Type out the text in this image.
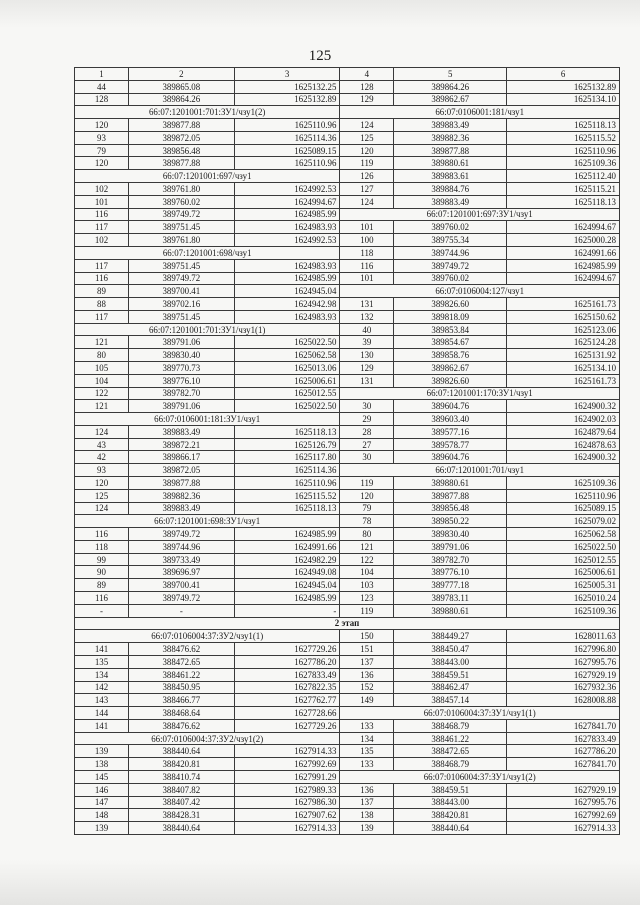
125
1	2	3	4	5	6
44	389865.08	1625132.25	128	389864.26	1625132.89
128	389864.26	1625132.89	129	389862.67	1625134.10
66:07:1201001:701:ЗУ1/чзу1(2)			66:07:0106001:181/чзу1		
120	389877.88	1625110.96	124	389883.49	1625118.13
93	389872.05	1625114.36	125	389882.36	1625115.52
79	389856.48	1625089.15	120	389877.88	1625110.96
120	389877.88	1625110.96	119	389880.61	1625109.36
66:07:1201001:697/чзу1			126	389883.61	1625112.40
102	389761.80	1624992.53	127	389884.76	1625115.21
101	389760.02	1624994.67	124	389883.49	1625118.13
116	389749.72	1624985.99	66:07:1201001:697:ЗУ1/чзу1		
117	389751.45	1624983.93	101	389760.02	1624994.67
102	389761.80	1624992.53	100	389755.34	1625000.28
66:07:1201001:698/чзу1			118	389744.96	1624991.66
117	389751.45	1624983.93	116	389749.72	1624985.99
116	389749.72	1624985.99	101	389760.02	1624994.67
89	389700.41	1624945.04	66:07:0106004:127/чзу1		
88	389702.16	1624942.98	131	389826.60	1625161.73
117	389751.45	1624983.93	132	389818.09	1625150.62
66:07:1201001:701:ЗУ1/чзу1(1)			40	389853.84	1625123.06
121	389791.06	1625022.50	39	389854.67	1625124.28
80	389830.40	1625062.58	130	389858.76	1625131.92
105	389770.73	1625013.06	129	389862.67	1625134.10
104	389776.10	1625006.61	131	389826.60	1625161.73
122	389782.70	1625012.55	66:07:1201001:170:ЗУ1/чзу1		
121	389791.06	1625022.50	30	389604.76	1624900.32
66:07:0106001:181:ЗУ1/чзу1			29	389603.40	1624902.03
124	389883.49	1625118.13	28	389577.16	1624879.64
43	389872.21	1625126.79	27	389578.77	1624878.63
42	389866.17	1625117.80	30	389604.76	1624900.32
93	389872.05	1625114.36	66:07:1201001:701/чзу1		
120	389877.88	1625110.96	119	389880.61	1625109.36
125	389882.36	1625115.52	120	389877.88	1625110.96
124	389883.49	1625118.13	79	389856.48	1625089.15
66:07:1201001:698:ЗУ1/чзу1			78	389850.22	1625079.02
116	389749.72	1624985.99	80	389830.40	1625062.58
118	389744.96	1624991.66	121	389791.06	1625022.50
99	389733.49	1624982.29	122	389782.70	1625012.55
90	389696.97	1624949.08	104	389776.10	1625006.61
89	389700.41	1624945.04	103	389777.18	1625005.31
116	389749.72	1624985.99	123	389783.11	1625010.24
-	-	-	119	389880.61	1625109.36
2 этап					
66:07:0106004:37:ЗУ2/чзу1(1)			150	388449.27	1628011.63
141	388476.62	1627729.26	151	388450.47	1627996.80
135	388472.65	1627786.20	137	388443.00	1627995.76
134	388461.22	1627833.49	136	388459.51	1627929.19
142	388450.95	1627822.35	152	388462.47	1627932.36
143	388466.77	1627762.77	149	388457.14	1628008.88
144	388468.64	1627728.66	66:07:0106004:37:ЗУ1/чзу1(1)		
141	388476.62	1627729.26	133	388468.79	1627841.70
66:07:0106004:37:ЗУ2/чзу1(2)			134	388461.22	1627833.49
139	388440.64	1627914.33	135	388472.65	1627786.20
138	388420.81	1627992.69	133	388468.79	1627841.70
145	388410.74	1627991.29	66:07:0106004:37:ЗУ1/чзу1(2)		
146	388407.82	1627989.33	136	388459.51	1627929.19
147	388407.42	1627986.30	137	388443.00	1627995.76
148	388428.31	1627907.62	138	388420.81	1627992.69
139	388440.64	1627914.33	139	388440.64	1627914.33
